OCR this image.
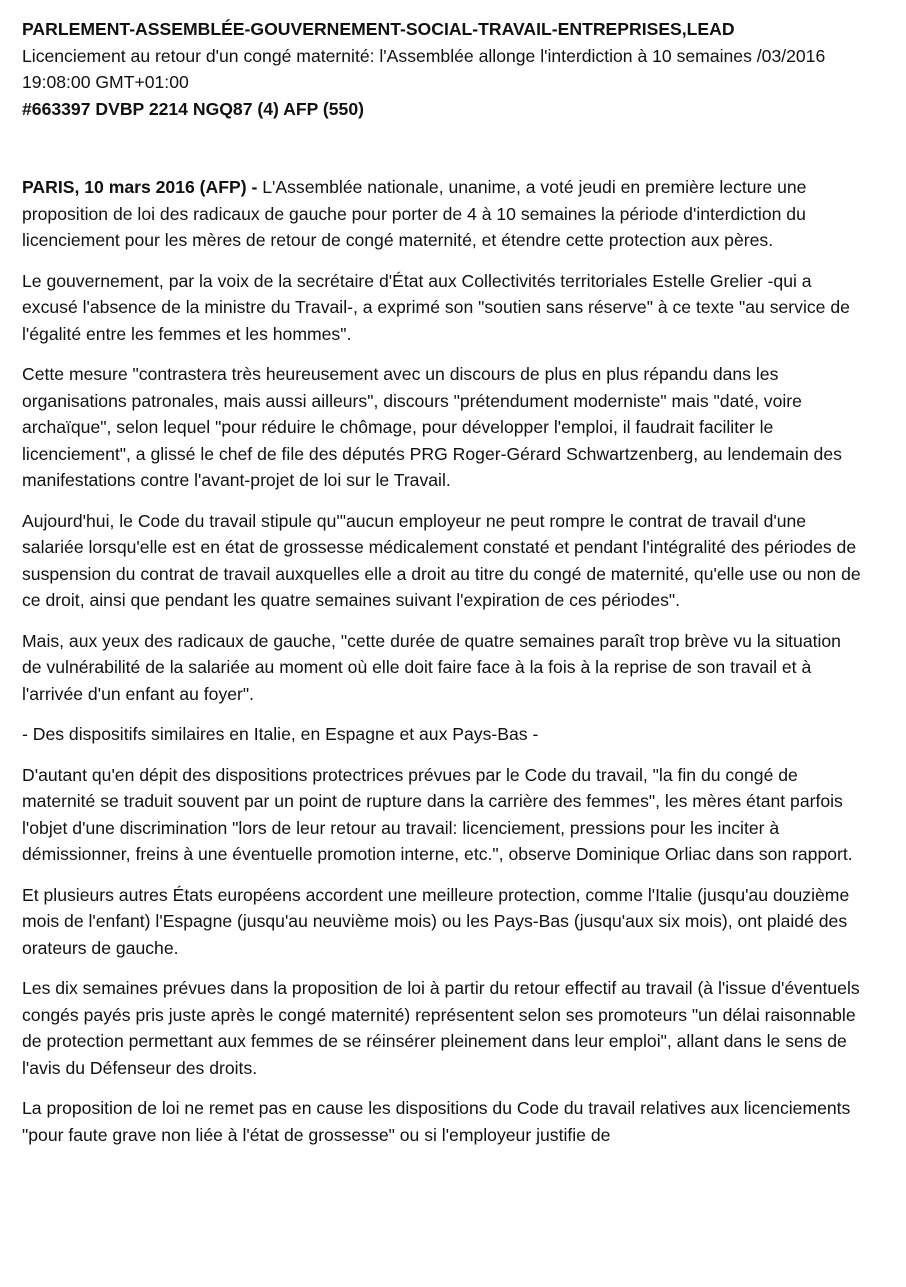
PARLEMENT-ASSEMBLÉE-GOUVERNEMENT-SOCIAL-TRAVAIL-ENTREPRISES,LEAD

Licenciement au retour d'un congé maternité: l'Assemblée allonge l'interdiction à 10 semaines /03/2016 19:08:00 GMT+01:00

#663397 DVBP 2214 NGQ87 (4) AFP (550)

PARIS, 10 mars 2016 (AFP) - L'Assemblée nationale, unanime, a voté jeudi en première lecture une proposition de loi des radicaux de gauche pour porter de 4 à 10 semaines la période d'interdiction du licenciement pour les mères de retour de congé maternité, et étendre cette protection aux pères.

Le gouvernement, par la voix de la secrétaire d'État aux Collectivités territoriales Estelle Grelier -qui a excusé l'absence de la ministre du Travail-, a exprimé son "soutien sans réserve" à ce texte "au service de l'égalité entre les femmes et les hommes".

Cette mesure "contrastera très heureusement avec un discours de plus en plus répandu dans les organisations patronales, mais aussi ailleurs", discours "prétendument moderniste" mais "daté, voire archaïque", selon lequel "pour réduire le chômage, pour développer l'emploi, il faudrait faciliter le licenciement", a glissé le chef de file des députés PRG Roger-Gérard Schwartzenberg, au lendemain des manifestations contre l'avant-projet de loi sur le Travail.

Aujourd'hui, le Code du travail stipule qu'"aucun employeur ne peut rompre le contrat de travail d'une salariée lorsqu'elle est en état de grossesse médicalement constaté et pendant l'intégralité des périodes de suspension du contrat de travail auxquelles elle a droit au titre du congé de maternité, qu'elle use ou non de ce droit, ainsi que pendant les quatre semaines suivant l'expiration de ces périodes".

Mais, aux yeux des radicaux de gauche, "cette durée de quatre semaines paraît trop brève vu la situation de vulnérabilité de la salariée au moment où elle doit faire face à la fois à la reprise de son travail et à l'arrivée d'un enfant au foyer".

- Des dispositifs similaires en Italie, en Espagne et aux Pays-Bas -

D'autant qu'en dépit des dispositions protectrices prévues par le Code du travail, "la fin du congé de maternité se traduit souvent par un point de rupture dans la carrière des femmes", les mères étant parfois l'objet d'une discrimination "lors de leur retour au travail: licenciement, pressions pour les inciter à démissionner, freins à une éventuelle promotion interne, etc.", observe Dominique Orliac dans son rapport.

Et plusieurs autres États européens accordent une meilleure protection, comme l'Italie (jusqu'au douzième mois de l'enfant) l'Espagne (jusqu'au neuvième mois) ou les Pays-Bas (jusqu'aux six mois), ont plaidé des orateurs de gauche.

Les dix semaines prévues dans la proposition de loi à partir du retour effectif au travail (à l'issue d'éventuels congés payés pris juste après le congé maternité) représentent selon ses promoteurs "un délai raisonnable de protection permettant aux femmes de se réinsérer pleinement dans leur emploi", allant dans le sens de l'avis du Défenseur des droits.

La proposition de loi ne remet pas en cause les dispositions du Code du travail relatives aux licenciements "pour faute grave non liée à l'état de grossesse" ou si l'employeur justifie de
